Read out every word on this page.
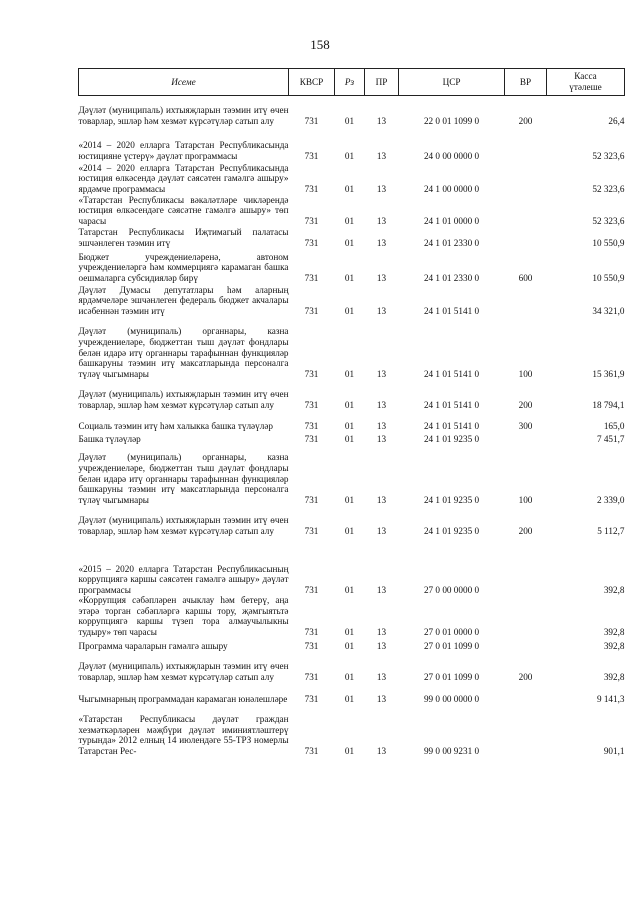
158
Исеме	КВСР	Рз	ПР	ЦСР	ВР	Касса
үтәлеше

Дәүләт (муниципаль) ихтыяҗларын тәэмин итү өчен товарлар, эшләр һәм хезмәт күрсәтүләр сатып алу	731	01	13	22 0 01 1099 0	200	26,4

«2014 – 2020 елларга Татарстан Республикасында юстицияне үстерү» дәүләт программасы	731	01	13	24 0 00 0000 0		52 323,6

«2014 – 2020 елларга Татарстан Республикасында юстиция өлкәсендә дәүләт сәясәтен гамәлгә ашыру» ярдәмче программасы	731	01	13	24 1 00 0000 0		52 323,6

«Татарстан Республикасы вәкаләтләре чикләрендә юстиция өлкәсендәге сәясәтне гамәлгә ашыру» төп чарасы	731	01	13	24 1 01 0000 0		52 323,6

Татарстан Республикасы Иҗтимагый палатасы эшчәнлеген тәэмин итү	731	01	13	24 1 01 2330 0		10 550,9

Бюджет учреждениеләренә, автоном учреждениеләргә һәм коммерциягә карамаган башка оешмаларга субсидияләр бирү	731	01	13	24 1 01 2330 0	600	10 550,9

Дәүләт Думасы депутатлары һәм аларның ярдәмчеләре эшчәнлеген федераль бюджет акчалары исәбеннән тәэмин итү	731	01	13	24 1 01 5141 0		34 321,0

Дәүләт (муниципаль) органнары, казна учреждениеләре, бюджеттан тыш дәүләт фондлары белән идарә итү органнары тарафыннан функцияләр башкаруны тәэмин итү максатларында персоналга түләү чыгымнары	731	01	13	24 1 01 5141 0	100	15 361,9

Дәүләт (муниципаль) ихтыяҗларын тәэмин итү өчен товарлар, эшләр һәм хезмәт күрсәтүләр сатып алу	731	01	13	24 1 01 5141 0	200	18 794,1

Социаль тәэмин итү һәм халыкка башка түләүләр	731	01	13	24 1 01 5141 0	300	165,0

Башка түләүләр	731	01	13	24 1 01 9235 0		7 451,7

Дәүләт (муниципаль) органнары, казна учреждениеләре, бюджеттан тыш дәүләт фондлары белән идарә итү органнары тарафыннан функцияләр башкаруны тәэмин итү максатларында персоналга түләү чыгымнары	731	01	13	24 1 01 9235 0	100	2 339,0

Дәүләт (муниципаль) ихтыяҗларын тәэмин итү өчен товарлар, эшләр һәм хезмәт күрсәтүләр сатып алу	731	01	13	24 1 01 9235 0	200	5 112,7

«2015 – 2020 елларга Татарстан Республикасының коррупциягә каршы сәясәтен гамәлгә ашыру» дәүләт программасы	731	01	13	27 0 00 0000 0		392,8

«Коррупция сәбәпләрен ачыклау һәм бетерү, аңа этәрә торган сәбәпләргә каршы тору, җәмгыятьтә коррупциягә каршы түзеп тора алмаучылыкны тудыру» төп чарасы	731	01	13	27 0 01 0000 0		392,8

Программа чараларын гамәлгә ашыру	731	01	13	27 0 01 1099 0		392,8

Дәүләт (муниципаль) ихтыяҗларын тәэмин итү өчен товарлар, эшләр һәм хезмәт күрсәтүләр сатып алу	731	01	13	27 0 01 1099 0	200	392,8

Чыгымнарның программадан карамаган юнәлешләре	731	01	13	99 0 00 0000 0		9 141,3

«Татарстан Республикасы дәүләт граждан хезмәткәрләрен мәҗбүри дәүләт иминиятләштерү турында» 2012 елның 14 июлендәге 55-ТРЗ номерлы Татарстан Рес-	731	01	13	99 0 00 9231 0		901,1
